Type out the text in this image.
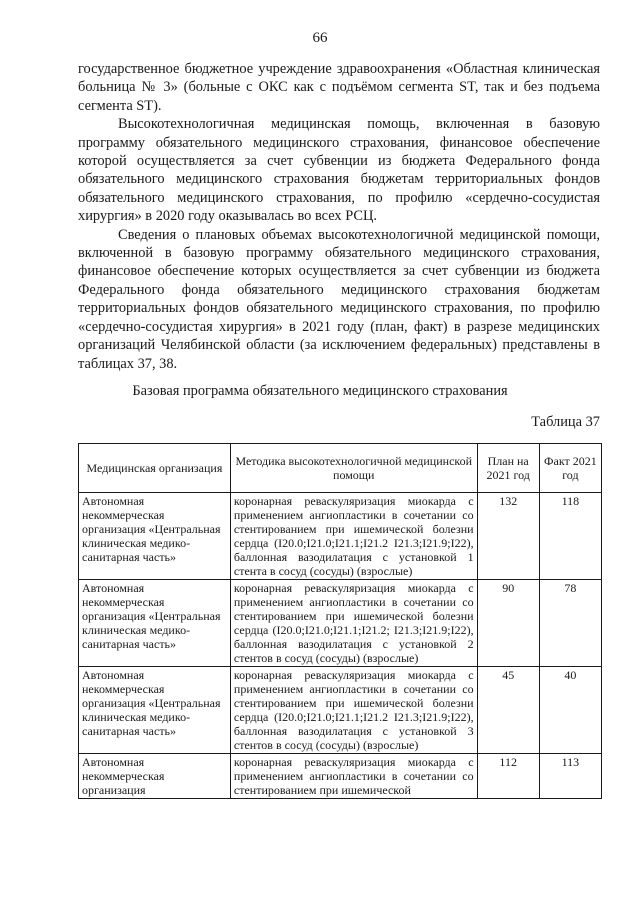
66

государственное бюджетное учреждение здравоохранения «Областная клиническая больница № 3» (больные с ОКС как с подъёмом сегмента ST, так и без подъема сегмента ST).

Высокотехнологичная медицинская помощь, включенная в базовую программу обязательного медицинского страхования, финансовое обеспечение которой осуществляется за счет субвенции из бюджета Федерального фонда обязательного медицинского страхования бюджетам территориальных фондов обязательного медицинского страхования, по профилю «сердечно-сосудистая хирургия» в 2020 году оказывалась во всех РСЦ.

Сведения о плановых объемах высокотехнологичной медицинской помощи, включенной в базовую программу обязательного медицинского страхования, финансовое обеспечение которых осуществляется за счет субвенции из бюджета Федерального фонда обязательного медицинского страхования бюджетам территориальных фондов обязательного медицинского страхования, по профилю «сердечно-сосудистая хирургия» в 2021 году (план, факт) в разрезе медицинских организаций Челябинской области (за исключением федеральных) представлены в таблицах 37, 38.

Базовая программа обязательного медицинского страхования
Таблица 37
Медицинская организация	Методика высокотехнологичной медицинской помощи	План на 2021 год	Факт 2021 год
Автономная некоммерческая организация «Центральная клиническая медико-санитарная часть»	коронарная реваскуляризация миокарда с применением ангиопластики в сочетании со стентированием при ишемической болезни сердца (I20.0;I21.0;I21.1;I21.2 I21.3;I21.9;I22), баллонная вазодилатация с установкой 1 стента в сосуд (сосуды) (взрослые)	132	118
Автономная некоммерческая организация «Центральная клиническая медико-санитарная часть»	коронарная реваскуляризация миокарда с применением ангиопластики в сочетании со стентированием при ишемической болезни сердца (I20.0;I21.0;I21.1;I21.2; I21.3;I21.9;I22), баллонная вазодилатация с установкой 2 стентов в сосуд (сосуды) (взрослые)	90	78
Автономная некоммерческая организация «Центральная клиническая медико-санитарная часть»	коронарная реваскуляризация миокарда с применением ангиопластики в сочетании со стентированием при ишемической болезни сердца (I20.0;I21.0;I21.1;I21.2 I21.3;I21.9;I22), баллонная вазодилатация с установкой 3 стентов в сосуд (сосуды) (взрослые)	45	40

Автономная некоммерческая организация	коронарная реваскуляризация миокарда с применением ангиопластики в сочетании со стентированием при ишемической	112	113
